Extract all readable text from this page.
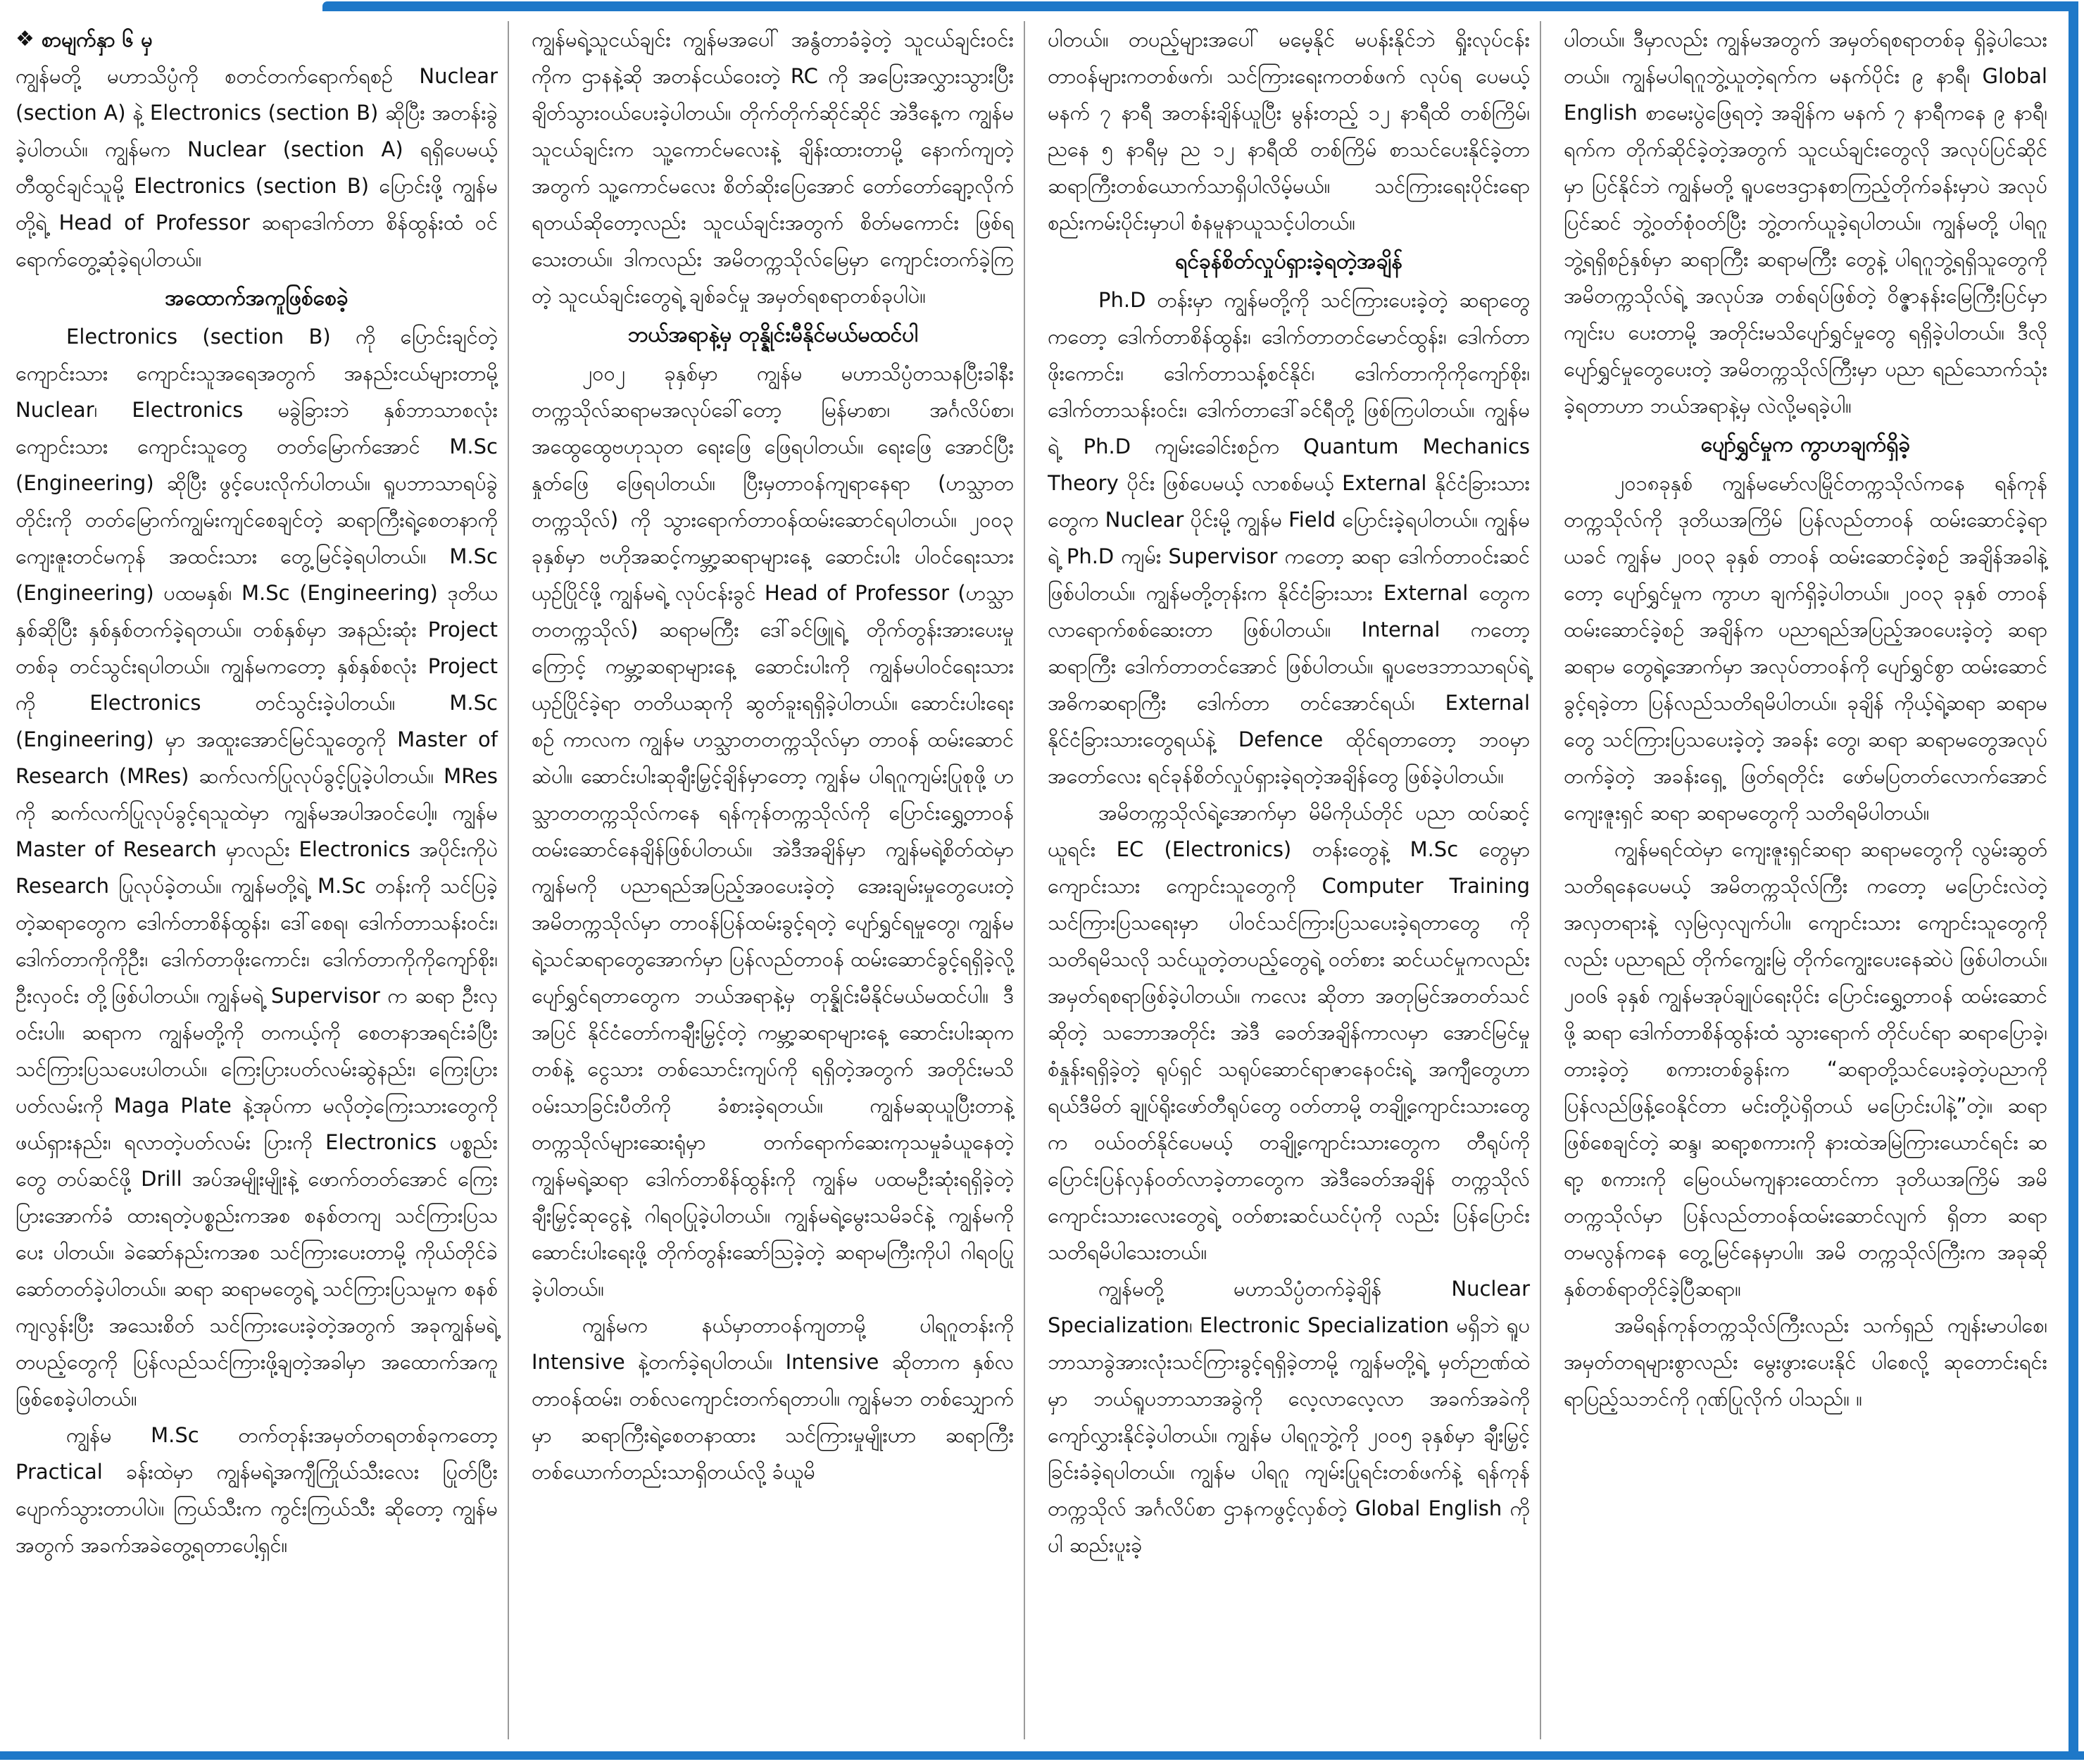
❖ စာမျက်နှာ ၆ မှ

ကျွန်မတို့ မဟာသိပ္ပံကို စတင်တက်ရောက်ရစဉ် Nuclear (section A) နဲ့ Electronics (section B) ဆိုပြီး အတန်းခွဲခဲ့ပါတယ်။ ကျွန်မက Nuclear (section A) ရရှိပေမယ့် တီထွင်ချင်သူမို့ Electronics (section B) ပြောင်းဖို့ ကျွန်မတို့ရဲ့ Head of Professor ဆရာဒေါက်တာ စိန်ထွန်းထံ ဝင်ရောက်တွေ့ဆုံခဲ့ရပါတယ်။

အထောက်အကူဖြစ်စေခဲ့

Electronics (section B) ကို ပြောင်းချင်တဲ့ ကျောင်းသား ကျောင်းသူအရေအတွက် အနည်းငယ်များတာမို့ Nuclear၊ Electronics မခွဲခြားဘဲ နှစ်ဘာသာစလုံး ကျောင်းသား ကျောင်းသူတွေ တတ်မြောက်အောင် M.Sc (Engineering) ဆိုပြီး ဖွင့်ပေးလိုက်ပါတယ်။ ရူပဘာသာရပ်ခွဲတိုင်းကို တတ်မြောက်ကျွမ်းကျင်စေချင်တဲ့ ဆရာကြီးရဲ့စေတနာကို ကျေးဇူးတင်မကုန် အထင်းသား တွေ့မြင်ခဲ့ရပါတယ်။ M.Sc (Engineering) ပထမနှစ်၊ M.Sc (Engineering) ဒုတိယနှစ်ဆိုပြီး နှစ်နှစ်တက်ခဲ့ရတယ်။ တစ်နှစ်မှာ အနည်းဆုံး Project တစ်ခု တင်သွင်းရပါတယ်။ ကျွန်မကတော့ နှစ်နှစ်စလုံး Project ကို Electronics တင်သွင်းခဲ့ပါတယ်။ M.Sc (Engineering) မှာ အထူးအောင်မြင်သူတွေကို Master of Research (MRes) ဆက်လက်ပြုလုပ်ခွင့်ပြုခဲ့ပါတယ်။ MRes ကို ဆက်လက်ပြုလုပ်ခွင့်ရသူထဲမှာ ကျွန်မအပါအဝင်ပေါ့။ ကျွန်မ Master of Research မှာလည်း Electronics အပိုင်းကိုပဲ Research ပြုလုပ်ခဲ့တယ်။ ကျွန်မတို့ရဲ့ M.Sc တန်းကို သင်ပြခဲ့တဲ့ဆရာတွေက ဒေါက်တာစိန်ထွန်း၊ ဒေါ်စေရ၊ ဒေါက်တာသန်းဝင်း၊ ဒေါက်တာကိုကိုဦး၊ ဒေါက်တာဖိုးကောင်း၊ ဒေါက်တာကိုကိုကျော်စိုး၊ ဦးလှဝင်း တို့ဖြစ်ပါတယ်။ ကျွန်မရဲ့ Supervisor က ဆရာ ဦးလှဝင်းပါ။ ဆရာက ကျွန်မတို့ကို တကယ့်ကို စေတနာအရင်းခံပြီး သင်ကြားပြသပေးပါတယ်။ ကြေးပြားပတ်လမ်းဆွဲနည်း၊ ကြေးပြားပတ်လမ်းကို Maga Plate နဲ့အုပ်ကာ မလိုတဲ့ကြေးသားတွေကိုဖယ်ရှားနည်း၊ ရလာတဲ့ပတ်လမ်း ပြားကို Electronics ပစ္စည်းတွေ တပ်ဆင်ဖို့ Drill အပ်အမျိုးမျိုးနဲ့ ဖောက်တတ်အောင် ကြေးပြားအောက်ခံ ထားရတဲ့ပစ္စည်းကအစ စနစ်တကျ သင်ကြားပြသပေး ပါတယ်။ ခဲဆော်နည်းကအစ သင်ကြားပေးတာမို့ ကိုယ်တိုင်ခဲဆော်တတ်ခဲ့ပါတယ်။ ဆရာ ဆရာမတွေရဲ့ သင်ကြားပြသမှုက စနစ်ကျလွန်းပြီး အသေးစိတ် သင်ကြားပေးခဲ့တဲ့အတွက် အခုကျွန်မရဲ့ တပည့်တွေကို ပြန်လည်သင်ကြားဖို့ချတဲ့အခါမှာ အထောက်အကူ ဖြစ်စေခဲ့ပါတယ်။

ကျွန်မ M.Sc တက်တုန်းအမှတ်တရတစ်ခုကတော့ Practical ခန်းထဲမှာ ကျွန်မရဲ့အကျီကြိုယ်သီးလေး ပြုတ်ပြီး ပျောက်သွားတာပါပဲ။ ကြယ်သီးက ကွင်းကြယ်သီး ဆိုတော့ ကျွန်မအတွက် အခက်အခဲတွေ့ရတာပေါ့ရှင်။

ကျွန်မရဲ့သူငယ်ချင်း ကျွန်မအပေါ် အနွံတာခံခဲ့တဲ့ သူငယ်ချင်းဝင်းကိုက ဌာနနဲ့ဆို အတန်ငယ်ဝေးတဲ့ RC ကို အပြေးအလွှားသွားပြီး ချိတ်သွားဝယ်ပေးခဲ့ပါတယ်။ တိုက်တိုက်ဆိုင်ဆိုင် အဲဒီနေ့က ကျွန်မသူငယ်ချင်းက သူ့ကောင်မလေးနဲ့ ချိန်းထားတာမို့ နောက်ကျတဲ့အတွက် သူ့ကောင်မလေး စိတ်ဆိုးပြေအောင် တော်တော်ချော့လိုက်ရတယ်ဆိုတော့လည်း သူငယ်ချင်းအတွက် စိတ်မကောင်း ဖြစ်ရသေးတယ်။ ဒါကလည်း အမိတက္ကသိုလ်မြေမှာ ကျောင်းတက်ခဲ့ကြတဲ့ သူငယ်ချင်းတွေရဲ့ ချစ်ခင်မှု အမှတ်ရစရာတစ်ခုပါပဲ။

ဘယ်အရာနဲ့မှ တုန္နိုင်းမီနိုင်မယ်မထင်ပါ

၂၀၀၂ ခုနှစ်မှာ ကျွန်မ မဟာသိပ္ပံတသနပြီးခါနီး တက္ကသိုလ်ဆရာမအလုပ်ခေါ်တော့ မြန်မာစာ၊ အင်္ဂလိပ်စာ၊ အထွေထွေဗဟုသုတ ရေးဖြေ ဖြေရပါတယ်။ ရေးဖြေ အောင်ပြီး နှုတ်ဖြေ ဖြေရပါတယ်။ ပြီးမှတာဝန်ကျရာနေရာ (ဟသ္သာတတက္ကသိုလ်) ကို သွားရောက်တာဝန်ထမ်းဆောင်ရပါတယ်။ ၂၀၀၃ ခုနှစ်မှာ ဗဟိုအဆင့်ကမ္ဘာ့ဆရာများနေ့ ဆောင်းပါး ပါဝင်ရေးသားယှဉ်ပြိုင်ဖို့ ကျွန်မရဲ့ လုပ်ငန်းခွင် Head of Professor (ဟသ္သာတတက္ကသိုလ်) ဆရာမကြီး ဒေါ်ခင်ဖြူရဲ့ တိုက်တွန်းအားပေးမှုကြောင့် ကမ္ဘာ့ဆရာများနေ့ ဆောင်းပါးကို ကျွန်မပါဝင်ရေးသားယှဉ်ပြိုင်ခဲ့ရာ တတိယဆုကို ဆွတ်ခူးရရှိခဲ့ပါတယ်။ ဆောင်းပါးရေးစဉ် ကာလက ကျွန်မ ဟသ္သာတတက္ကသိုလ်မှာ တာဝန် ထမ်းဆောင်ဆဲပါ။ ဆောင်းပါးဆုချီးမြှင့်ချိန်မှာတော့ ကျွန်မ ပါရဂူကျမ်းပြုစုဖို့ ဟသ္သာတတက္ကသိုလ်ကနေ ရန်ကုန်တက္ကသိုလ်ကို ပြောင်းရွှေ့တာဝန်ထမ်းဆောင်နေချိန်ဖြစ်ပါတယ်။ အဲဒီအချိန်မှာ ကျွန်မရဲ့စိတ်ထဲမှာ ကျွန်မကို ပညာရည်အပြည့်အဝပေးခဲ့တဲ့ အေးချမ်းမှုတွေပေးတဲ့ အမိတက္ကသိုလ်မှာ တာဝန်ပြန်ထမ်းခွင့်ရတဲ့ ပျော်ရွှင်ရမှုတွေ၊ ကျွန်မရဲ့သင်ဆရာတွေအောက်မှာ ပြန်လည်တာဝန် ထမ်းဆောင်ခွင့်ရရှိခဲ့လို့ ပျော်ရွှင်ရတာတွေက ဘယ်အရာနဲ့မှ တုန္နိုင်းမီနိုင်မယ်မထင်ပါ။ ဒီအပြင် နိုင်ငံတော်ကချီးမြှင့်တဲ့ ကမ္ဘာ့ဆရာများနေ့ ဆောင်းပါးဆုကတစ်နဲ့ ငွေသား တစ်သောင်းကျပ်ကို ရရှိတဲ့အတွက် အတိုင်းမသိ ဝမ်းသာခြင်းပီတိကို ခံစားခဲ့ရတယ်။ ကျွန်မဆုယူပြီးတာနဲ့ တက္ကသိုလ်များဆေးရုံမှာ တက်ရောက်ဆေးကုသမှုခံယူနေတဲ့ ကျွန်မရဲ့ဆရာ ဒေါက်တာစိန်ထွန်းကို ကျွန်မ ပထမဦးဆုံးရရှိခဲ့တဲ့ ချီးမြှင့်ဆုငွေနဲ့ ဂါရဝပြုခဲ့ပါတယ်။ ကျွန်မရဲ့မွေးသမိခင်နဲ့ ကျွန်မကို ဆောင်းပါးရေးဖို့ တိုက်တွန်းဆော်ဩခဲ့တဲ့ ဆရာမကြီးကိုပါ ဂါရဝပြုခဲ့ပါတယ်။

ကျွန်မက နယ်မှာတာဝန်ကျတာမို့ ပါရဂူတန်းကို Intensive နဲ့တက်ခဲ့ရပါတယ်။ Intensive ဆိုတာက နှစ်လ တာဝန်ထမ်း၊ တစ်လကျောင်းတက်ရတာပါ။ ကျွန်မဘ တစ်သျှောက်မှာ ဆရာကြီးရဲ့စေတနာထား သင်ကြားမှုမျိုးဟာ ဆရာကြီးတစ်ယောက်တည်းသာရှိတယ်လို့ ခံယူမိ

ပါတယ်။ တပည့်များအပေါ် မမေ့နိုင် မပန်းနိုင်ဘဲ ရှိုးလုပ်ငန်း တာဝန်များကတစ်ဖက်၊ သင်ကြားရေးကတစ်ဖက် လုပ်ရ ပေမယ့် မနက် ၇ နာရီ အတန်းချိန်ယူပြီး မွန်းတည့် ၁၂ နာရီထိ တစ်ကြိမ်၊ ညနေ ၅ နာရီမှ ည ၁၂ နာရီထိ တစ်ကြိမ် စာသင်ပေးနိုင်ခဲ့တာ ဆရာကြီးတစ်ယောက်သာရှိပါလိမ့်မယ်။ သင်ကြားရေးပိုင်းရော စည်းကမ်းပိုင်းမှာပါ စံနမူနာယူသင့်ပါတယ်။

ရင်ခုန်စိတ်လှုပ်ရှားခဲ့ရတဲ့အချိန်

Ph.D တန်းမှာ ကျွန်မတို့ကို သင်ကြားပေးခဲ့တဲ့ ဆရာတွေကတော့ ဒေါက်တာစိန်ထွန်း၊ ဒေါက်တာတင်မောင်ထွန်း၊ ဒေါက်တာဖိုးကောင်း၊ ဒေါက်တာသန့်စင်နိုင်၊ ဒေါက်တာကိုကိုကျော်စိုး၊ ဒေါက်တာသန်းဝင်း၊ ဒေါက်တာဒေါ်ခင်ရီတို့ ဖြစ်ကြပါတယ်။ ကျွန်မရဲ့ Ph.D ကျမ်းခေါင်းစဉ်က Quantum Mechanics Theory ပိုင်း ဖြစ်ပေမယ့် လာစစ်မယ့် External နိုင်ငံခြားသားတွေက Nuclear ပိုင်းမို့ ကျွန်မ Field ပြောင်းခဲ့ရပါတယ်။ ကျွန်မရဲ့ Ph.D ကျမ်း Supervisor ကတော့ ဆရာ ဒေါက်တာဝင်းဆင်ဖြစ်ပါတယ်။ ကျွန်မတို့တုန်းက နိုင်ငံခြားသား External တွေက လာရောက်စစ်ဆေးတာ ဖြစ်ပါတယ်။ Internal ကတော့ ဆရာကြီး ဒေါက်တာတင်အောင် ဖြစ်ပါတယ်။ ရူပဗေဒဘာသာရပ်ရဲ့ အဓိကဆရာကြီး ဒေါက်တာ တင်အောင်ရယ်၊ External နိုင်ငံခြားသားတွေရယ်နဲ့ Defence ထိုင်ရတာတော့ ဘဝမှာအတော်လေး ရင်ခုန်စိတ်လှုပ်ရှားခဲ့ရတဲ့အချိန်တွေ ဖြစ်ခဲ့ပါတယ်။

အမိတက္ကသိုလ်ရဲ့အောက်မှာ မိမိကိုယ်တိုင် ပညာ ထပ်ဆင့်ယူရင်း EC (Electronics) တန်းတွေနဲ့ M.Sc တွေမှာ ကျောင်းသား ကျောင်းသူတွေကို Computer Training သင်ကြားပြသရေးမှာ ပါဝင်သင်ကြားပြသပေးခဲ့ရတာတွေ ကို သတိရမိသလို သင်ယူတဲ့တပည့်တွေရဲ့ ဝတ်စား ဆင်ယင်မှုကလည်း အမှတ်ရစရာဖြစ်ခဲ့ပါတယ်။ ကလေး ဆိုတာ အတုမြင်အတတ်သင်ဆိုတဲ့ သဘောအတိုင်း အဲဒီ ခေတ်အချိန်ကာလမှာ အောင်မြင်မှုစံနှုန်းရရှိခဲ့တဲ့ ရုပ်ရှင် သရုပ်ဆောင်ရာဇာနေဝင်းရဲ့ အကျီတွေဟာ ရယ်ဒီမိတ် ချုပ်ရိုးဖော်တီရုပ်တွေ ဝတ်တာမို့ တချို့ကျောင်းသားတွေက ဝယ်ဝတ်နိုင်ပေမယ့် တချို့ကျောင်းသားတွေက တီရုပ်ကို ပြောင်းပြန်လှန်ဝတ်လာခဲ့တာတွေက အဲဒီခေတ်အချိန် တက္ကသိုလ်ကျောင်းသားလေးတွေရဲ့ ဝတ်စားဆင်ယင်ပုံကို လည်း ပြန်ပြောင်းသတိရမိပါသေးတယ်။

ကျွန်မတို့ မဟာသိပ္ပံတက်ခဲ့ချိန် Nuclear Specialization၊ Electronic Specialization မရှိဘဲ ရူပ ဘာသာခွဲအားလုံးသင်ကြားခွင့်ရရှိခဲ့တာမို့ ကျွန်မတို့ရဲ့ မှတ်ဉာဏ်ထဲမှာ ဘယ်ရူပဘာသာအခွဲကို လေ့လာလေ့လာ အခက်အခဲကို ကျော်လွှားနိုင်ခဲ့ပါတယ်။ ကျွန်မ ပါရဂူဘွဲ့ကို ၂၀၀၅ ခုနှစ်မှာ ချီးမြှင့်ခြင်းခံခဲ့ရပါတယ်။ ကျွန်မ ပါရဂူ ကျမ်းပြုရင်းတစ်ဖက်နဲ့ ရန်ကုန်တက္ကသိုလ် အင်္ဂလိပ်စာ ဌာနကဖွင့်လှစ်တဲ့ Global English ကိုပါ ဆည်းပူးခဲ့

ပါတယ်။ ဒီမှာလည်း ကျွန်မအတွက် အမှတ်ရစရာတစ်ခု ရှိခဲ့ပါသေးတယ်။ ကျွန်မပါရဂူဘွဲ့ယူတဲ့ရက်က မနက်ပိုင်း ၉ နာရီ၊ Global English စာမေးပွဲဖြေရတဲ့ အချိန်က မနက် ၇ နာရီကနေ ၉ နာရီ၊ ရက်က တိုက်ဆိုင်ခဲ့တဲ့အတွက် သူငယ်ချင်းတွေလို အလုပ်ပြင်ဆိုင်မှာ ပြင်နိုင်ဘဲ ကျွန်မတို့ ရူပဗေဒဌာနစာကြည့်တိုက်ခန်းမှာပဲ အလုပ်ပြင်ဆင် ဘွဲ့ဝတ်စုံဝတ်ပြီး ဘွဲ့တက်ယူခဲ့ရပါတယ်။ ကျွန်မတို့ ပါရဂူဘွဲ့ရရှိစဉ်နှစ်မှာ ဆရာကြီး ဆရာမကြီး တွေနဲ့ ပါရဂူဘွဲ့ရရှိသူတွေကို အမိတက္ကသိုလ်ရဲ့ အလုပ်အ တစ်ရပ်ဖြစ်တဲ့ ဝိဇ္ဇာနန်းမြေကြီးပြင်မှာ ကျင်းပ ပေးတာမို့ အတိုင်းမသိပျော်ရွှင်မှုတွေ ရရှိခဲ့ပါတယ်။ ဒီလိုပျော်ရွှင်မှုတွေပေးတဲ့ အမိတက္ကသိုလ်ကြီးမှာ ပညာ ရည်သောက်သုံးခဲ့ရတာဟာ ဘယ်အရာနဲ့မှ လဲလို့မရခဲ့ပါ။

ပျော်ရွှင်မှုက ကွာဟချက်ရှိခဲ့

၂၀၁၈ခုနှစ် ကျွန်မမော်လမြိုင်တက္ကသိုလ်ကနေ ရန်ကုန်တက္ကသိုလ်ကို ဒုတိယအကြိမ် ပြန်လည်တာဝန် ထမ်းဆောင်ခဲ့ရာ ယခင် ကျွန်မ ၂၀၀၃ ခုနှစ် တာဝန် ထမ်းဆောင်ခဲ့စဉ် အချိန်အခါနဲ့တော့ ပျော်ရွှင်မှုက ကွာဟ ချက်ရှိခဲ့ပါတယ်။ ၂၀၀၃ ခုနှစ် တာဝန်ထမ်းဆောင်ခဲ့စဉ် အချိန်က ပညာရည်အပြည့်အဝပေးခဲ့တဲ့ ဆရာ ဆရာမ တွေရဲ့အောက်မှာ အလုပ်တာဝန်ကို ပျော်ရွှင်စွာ ထမ်းဆောင်ခွင့်ရခဲ့တာ ပြန်လည်သတိရမိပါတယ်။ ခုချိန် ကိုယ့်ရဲ့ဆရာ ဆရာမတွေ သင်ကြားပြသပေးခဲ့တဲ့ အခန်း တွေ၊ ဆရာ ဆရာမတွေအလုပ်တက်ခဲ့တဲ့ အခန်းရှေ့ ဖြတ်ရတိုင်း ဖော်မပြတတ်လောက်အောင် ကျေးဇူးရှင် ဆရာ ဆရာမတွေကို သတိရမိပါတယ်။

ကျွန်မရင်ထဲမှာ ကျေးဇူးရှင်ဆရာ ဆရာမတွေကို လွမ်းဆွတ်သတိရနေပေမယ့် အမိတက္ကသိုလ်ကြီး ကတော့ မပြောင်းလဲတဲ့အလှတရားနဲ့ လှမြဲလှလျက်ပါ။ ကျောင်းသား ကျောင်းသူတွေကိုလည်း ပညာရည် တိုက်ကျွေးမြဲ တိုက်ကျွေးပေးနေဆဲပဲ ဖြစ်ပါတယ်။ ၂၀၀၆ ခုနှစ် ကျွန်မအုပ်ချုပ်ရေးပိုင်း ပြောင်းရွှေ့တာဝန် ထမ်းဆောင်ဖို့ ဆရာ ဒေါက်တာစိန်ထွန်းထံ သွားရောက် တိုင်ပင်ရာ ဆရာပြောခဲ့၊ တားခဲ့တဲ့ စကားတစ်ခွန်းက “ဆရာတို့သင်ပေးခဲ့တဲ့ပညာကို ပြန်လည်ဖြန့်ဝေနိုင်တာ မင်းတို့ပဲရှိတယ် မပြောင်းပါနဲ့”တဲ့။ ဆရာဖြစ်စေချင်တဲ့ ဆန္ဒ၊ ဆရာ့စကားကို နားထဲအမြဲကြားယောင်ရင်း ဆရာ့ စကားကို မြေဝယ်မကျနားထောင်ကာ ဒုတိယအကြိမ် အမိတက္ကသိုလ်မှာ ပြန်လည်တာဝန်ထမ်းဆောင်လျက် ရှိတာ ဆရာတမလွန်ကနေ တွေ့မြင်နေမှာပါ။ အမိ တက္ကသိုလ်ကြီးက အခုဆို နှစ်တစ်ရာတိုင်ခဲ့ပြီဆရာ။

အမိရန်ကုန်တက္ကသိုလ်ကြီးလည်း သက်ရှည် ကျန်းမာပါစေ၊ အမှတ်တရများစွာလည်း မွေးဖွားပေးနိုင် ပါစေလို့ ဆုတောင်းရင်း ရာပြည့်သဘင်ကို ဂုဏ်ပြုလိုက် ပါသည်။ ။
